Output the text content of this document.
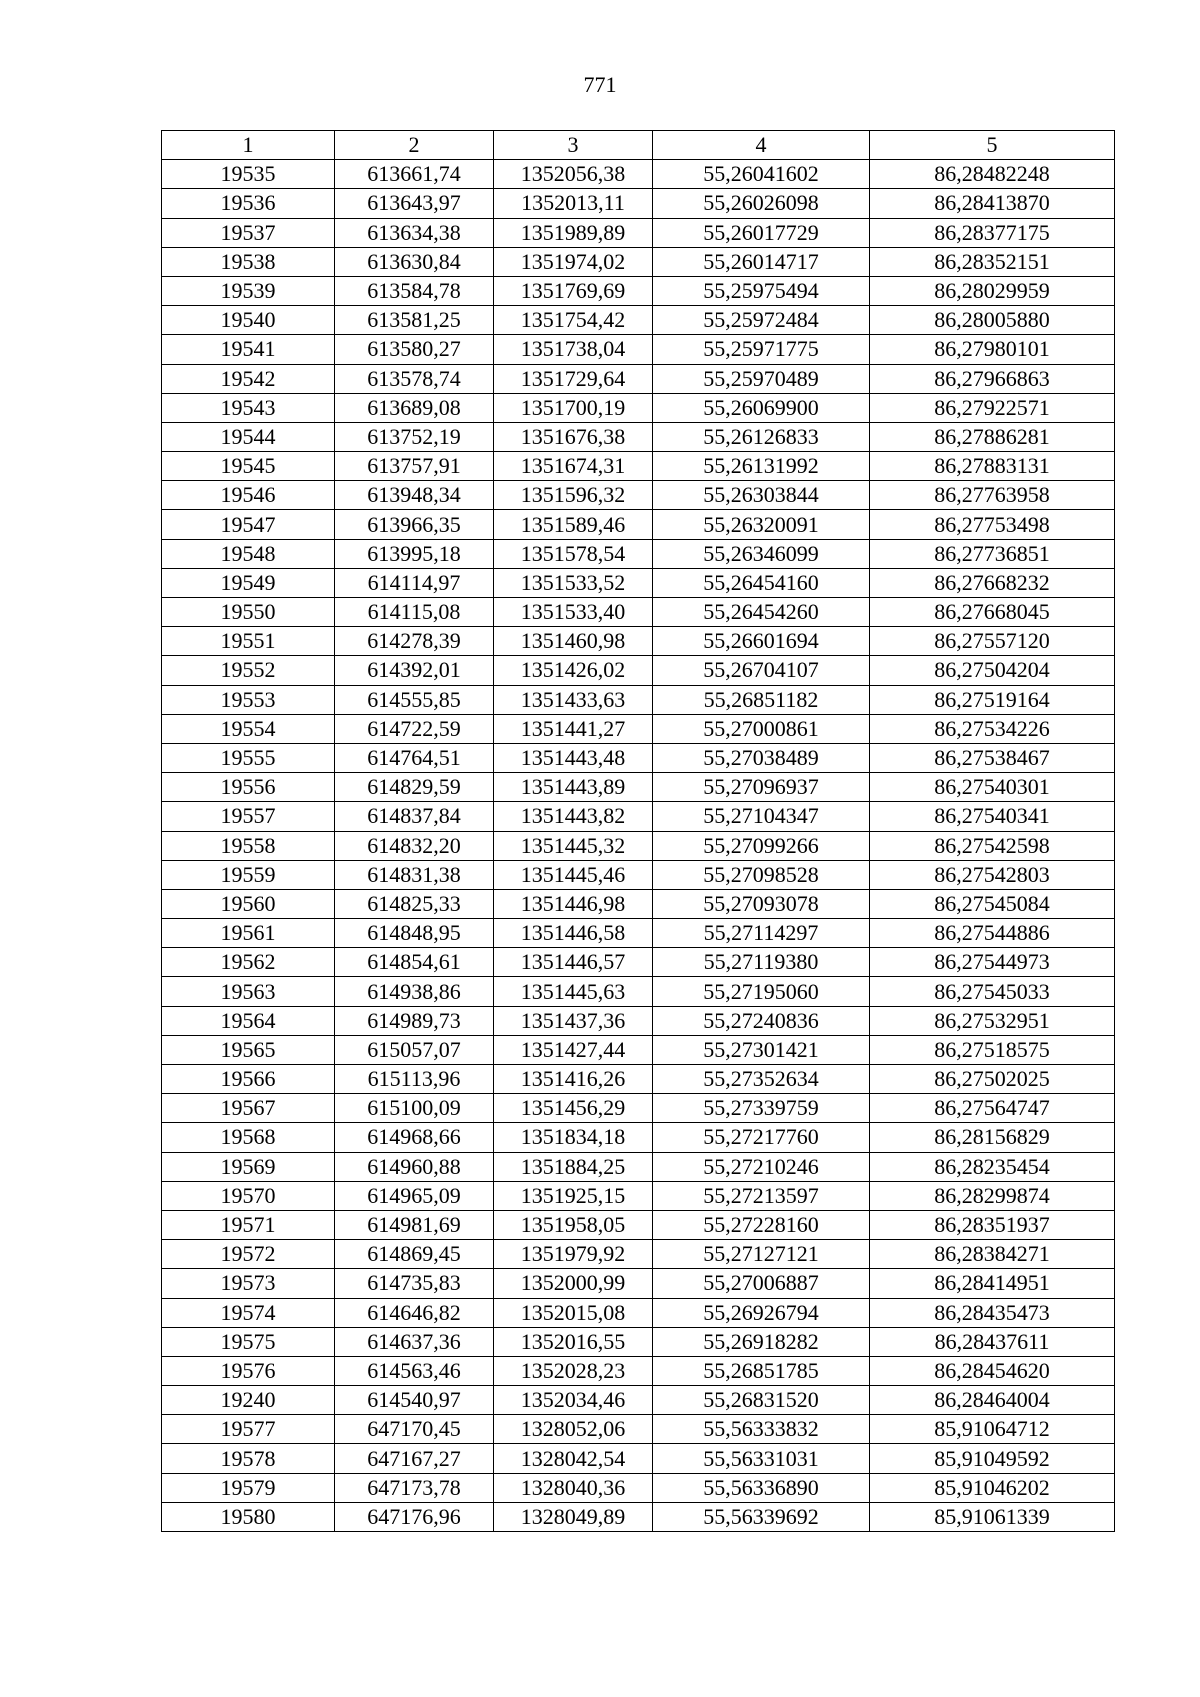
771
1	2	3	4	5
19535	613661,74	1352056,38	55,26041602	86,28482248
19536	613643,97	1352013,11	55,26026098	86,28413870
19537	613634,38	1351989,89	55,26017729	86,28377175
19538	613630,84	1351974,02	55,26014717	86,28352151
19539	613584,78	1351769,69	55,25975494	86,28029959
19540	613581,25	1351754,42	55,25972484	86,28005880
19541	613580,27	1351738,04	55,25971775	86,27980101
19542	613578,74	1351729,64	55,25970489	86,27966863
19543	613689,08	1351700,19	55,26069900	86,27922571
19544	613752,19	1351676,38	55,26126833	86,27886281
19545	613757,91	1351674,31	55,26131992	86,27883131
19546	613948,34	1351596,32	55,26303844	86,27763958
19547	613966,35	1351589,46	55,26320091	86,27753498
19548	613995,18	1351578,54	55,26346099	86,27736851
19549	614114,97	1351533,52	55,26454160	86,27668232
19550	614115,08	1351533,40	55,26454260	86,27668045
19551	614278,39	1351460,98	55,26601694	86,27557120
19552	614392,01	1351426,02	55,26704107	86,27504204
19553	614555,85	1351433,63	55,26851182	86,27519164
19554	614722,59	1351441,27	55,27000861	86,27534226
19555	614764,51	1351443,48	55,27038489	86,27538467
19556	614829,59	1351443,89	55,27096937	86,27540301
19557	614837,84	1351443,82	55,27104347	86,27540341
19558	614832,20	1351445,32	55,27099266	86,27542598
19559	614831,38	1351445,46	55,27098528	86,27542803
19560	614825,33	1351446,98	55,27093078	86,27545084
19561	614848,95	1351446,58	55,27114297	86,27544886
19562	614854,61	1351446,57	55,27119380	86,27544973
19563	614938,86	1351445,63	55,27195060	86,27545033
19564	614989,73	1351437,36	55,27240836	86,27532951
19565	615057,07	1351427,44	55,27301421	86,27518575
19566	615113,96	1351416,26	55,27352634	86,27502025
19567	615100,09	1351456,29	55,27339759	86,27564747
19568	614968,66	1351834,18	55,27217760	86,28156829
19569	614960,88	1351884,25	55,27210246	86,28235454
19570	614965,09	1351925,15	55,27213597	86,28299874
19571	614981,69	1351958,05	55,27228160	86,28351937
19572	614869,45	1351979,92	55,27127121	86,28384271
19573	614735,83	1352000,99	55,27006887	86,28414951
19574	614646,82	1352015,08	55,26926794	86,28435473
19575	614637,36	1352016,55	55,26918282	86,28437611
19576	614563,46	1352028,23	55,26851785	86,28454620
19240	614540,97	1352034,46	55,26831520	86,28464004
19577	647170,45	1328052,06	55,56333832	85,91064712
19578	647167,27	1328042,54	55,56331031	85,91049592
19579	647173,78	1328040,36	55,56336890	85,91046202
19580	647176,96	1328049,89	55,56339692	85,91061339
